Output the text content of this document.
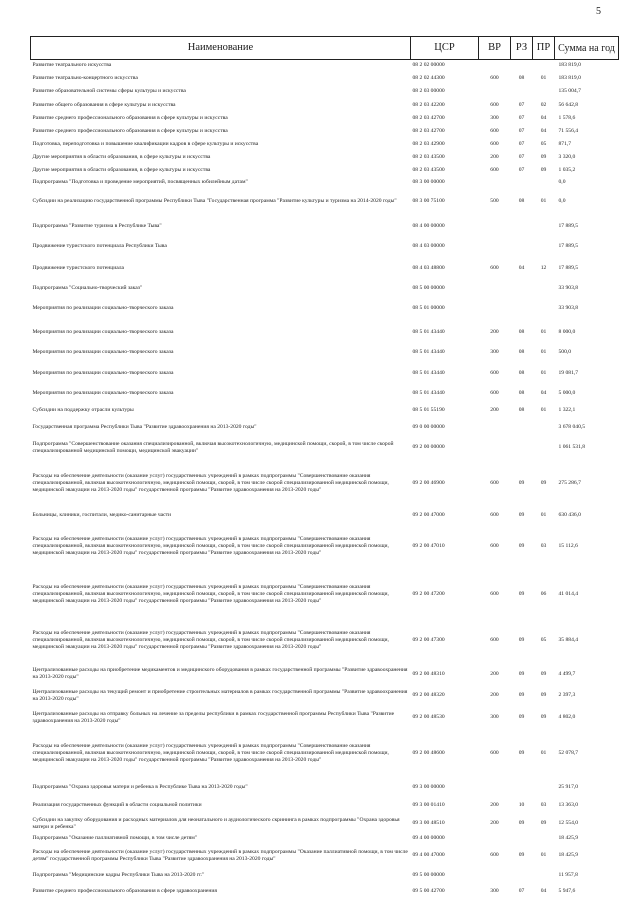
5
Наименование	ЦСР	ВР	РЗ	ПР	Сумма на год
Развитие театрального искусства	08 2 02 00000				183 819,0
Развитие театрально-концертного искусства	08 2 02 44300	600	08	01	183 819,0
Развитие образовательной системы сферы культуры и искусства	08 2 03 00000				135 004,7
Развитие общего образования в сфере культуры и искусства	08 2 03 42200	600	07	02	56 642,8
Развитие среднего профессионального образования в сфере культуры и искусства	08 2 03 42700	300	07	04	1 578,6
Развитие среднего профессионального образования в сфере культуры и искусства	08 2 03 42700	600	07	04	71 556,4
Подготовка, переподготовка и повышение квалификации кадров в сфере культуры и искусства	08 2 03 42900	600	07	05	871,7
Другие мероприятия в области образования, в сфере культуры и искусства	08 2 03 43500	200	07	09	3 320,0
Другие мероприятия в области образования, в сфере культуры и искусства	08 2 03 43500	600	07	09	1 035,2
Подпрограмма "Подготовка и проведение мероприятий, посвященных юбилейным датам"	08 3 00 00000				0,0
Субсидии на реализацию государственной программы Республики Тыва "Государственная программа "Развитие культуры и туризма на 2014-2020 годы"	08 3 00 75100	500	08	01	0,0
Подпрограмма "Развитие туризма в Республике Тыва"	08 4 00 00000				17 889,5
Продвижение туристского потенциала Республики Тыва	08 4 03 00000				17 889,5
Продвижение туристского потенциала	08 4 03 48800	600	04	12	17 889,5
Подпрограмма "Социально-творческий заказ"	08 5 00 00000				33 903,8
Мероприятия по реализации социально-творческого заказа	08 5 01 00000				33 903,8
Мероприятия по реализации социально-творческого заказа	08 5 01 43440	200	08	01	8 000,0
Мероприятия по реализации социально-творческого заказа	08 5 01 43440	300	08	01	500,0
Мероприятия по реализации социально-творческого заказа	08 5 01 43440	600	08	01	19 081,7
Мероприятия по реализации социально-творческого заказа	08 5 01 43440	600	08	04	5 000,0
Субсидии на поддержку отрасли культуры	08 5 01 55190	200	08	01	1 322,1
Государственная программа Республики Тыва "Развитие здравоохранения на 2013-2020 годы"	09 0 00 00000				3 678 040,5
Подпрограмма "Совершенствование оказания специализированной, включая высокотехнологичную, медицинской помощи, скорой, в том числе скорой специализированной медицинской помощи, медицинской эвакуации"	09 2 00 00000				1 061 531,8
Расходы на обеспечение деятельности (оказание услуг) государственных учреждений в рамках подпрограммы "Совершенствование оказания специализированной, включая высокотехнологичную, медицинской помощи, скорой, в том числе скорой специализированной медицинской помощи, медицинской эвакуации на 2013-2020 годы" государственной программы "Развитие здравоохранения на 2013-2020 годы"	09 2 00 46900	600	09	09	275 286,7
Больницы, клиники, госпитали, медико-санитарные части	09 2 00 47000	600	09	01	630 436,0
Расходы на обеспечение деятельности (оказание услуг) государственных учреждений в рамках подпрограммы "Совершенствование оказания специализированной, включая высокотехнологичную, медицинской помощи, скорой, в том числе скорой специализированной медицинской помощи, медицинской эвакуации на 2013-2020 годы" государственной программы "Развитие здравоохранения на 2013-2020 годы"	09 2 00 47010	600	09	03	15 112,6
Расходы на обеспечение деятельности (оказание услуг) государственных учреждений в рамках подпрограммы "Совершенствование оказания специализированной, включая высокотехнологичную, медицинской помощи, скорой, в том числе скорой специализированной медицинской помощи, медицинской эвакуации на 2013-2020 годы" государственной программы "Развитие здравоохранения на 2013-2020 годы"	09 2 00 47200	600	09	06	41 014,4
Расходы на обеспечение деятельности (оказание услуг) государственных учреждений в рамках подпрограммы "Совершенствование оказания специализированной, включая высокотехнологичную, медицинской помощи, скорой, в том числе скорой специализированной медицинской помощи, медицинской эвакуации на 2013-2020 годы" государственной программы "Развитие здравоохранения на 2013-2020 годы"	09 2 00 47300	600	09	05	35 884,4
Централизованные расходы на приобретение медикаментов и медицинского оборудования в рамках государственной программы "Развитие здравоохранения на 2013-2020 годы"	09 2 00 48310	200	09	09	4 499,7
Централизованные расходы на текущий ремонт и приобретение строительных материалов в рамках государственной программы "Развитие здравоохранения на 2013-2020 годы"	09 2 00 48320	200	09	09	2 397,3
Централизованные расходы на отправку больных на лечение за пределы республики в рамках государственной программы Республики Тыва "Развитие здравоохранения на 2013-2020 годы"	09 2 00 48530	300	09	09	4 802,0
Расходы на обеспечение деятельности (оказание услуг) государственных учреждений в рамках подпрограммы "Совершенствование оказания специализированной, включая высокотехнологичную, медицинской помощи, скорой, в том числе скорой специализированной медицинской помощи, медицинской эвакуации на 2013-2020 годы" государственной программы "Развитие здравоохранения на 2013-2020 годы"	09 2 00 48600	600	09	01	52 078,7
Подпрограмма "Охрана здоровья матери и ребенка в Республике Тыва на 2013-2020 годы"	09 3 00 00000				25 917,0
Реализация государственных функций в области социальной политики	09 3 00 01410	200	10	03	13 363,0
Субсидии на закупку оборудования и расходных материалов для неонатального и аудиологического скрининга в рамках подпрограммы "Охрана здоровья матери и ребенка"	09 3 00 48510	200	09	09	12 554,0
Подпрограмма "Оказание паллиативной помощи, в том числе детям"	09 4 00 00000				18 425,9
Расходы на обеспечение деятельности (оказание услуг) государственных учреждений в рамках подпрограммы "Оказание паллиативной помощи, в том числе детям" государственной программы Республики Тыва "Развитие здравоохранения на 2013-2020 годы"	09 4 00 47000	600	09	01	18 425,9
Подпрограмма "Медицинские кадры Республики Тыва на 2013-2020 гг."	09 5 00 00000				11 957,8
Развитие среднего профессионального образования в сфере здравоохранения	09 5 00 42700	300	07	04	5 947,6
